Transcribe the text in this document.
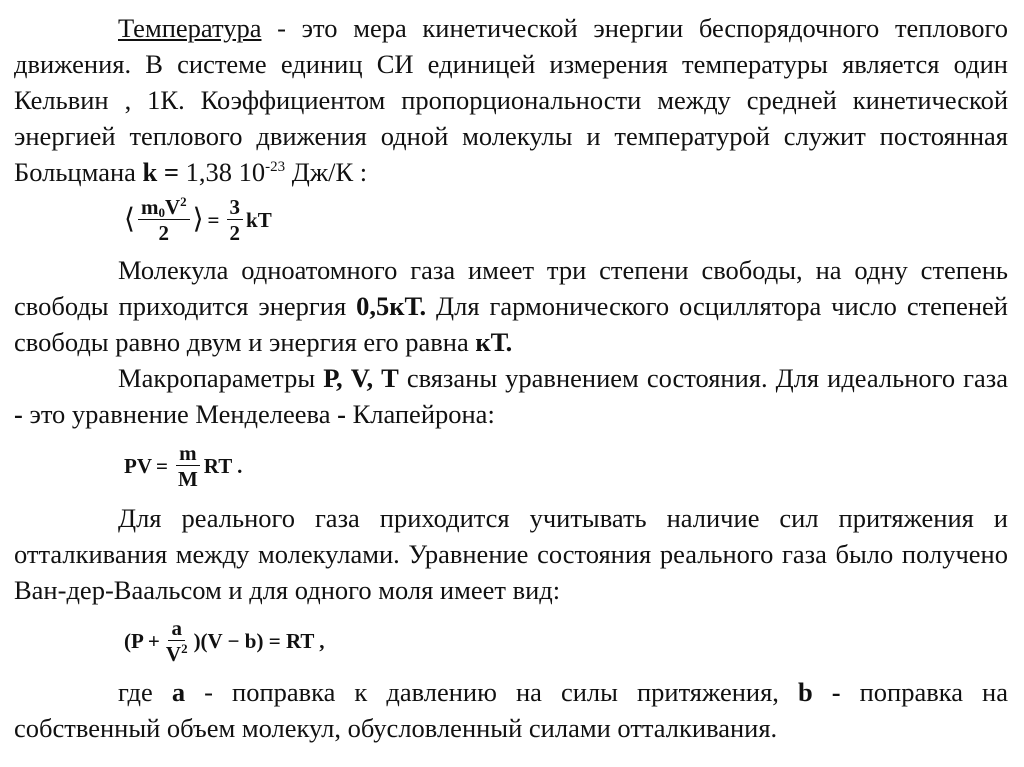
Температура - это мера кинетической энергии беспорядочного теплового движения. В системе единиц СИ единицей измерения температуры является один Кельвин , 1К. Коэффициентом пропорциональности между средней кинетической энергией теплового движения одной молекулы и температурой служит постоянная Больцмана k = 1,38 $10^{-23}$ Дж/К :

⟨ $\frac{m_0V^2}{2}$ ⟩ = $\frac{3}{2}$ kT

Молекула одноатомного газа имеет три степени свободы, на одну степень свободы приходится энергия 0,5кТ. Для гармонического осциллятора число степеней свободы равно двум и энергия его равна кТ.

Макропараметры Р, V, Т связаны уравнением состояния. Для идеального газа - это уравнение Менделеева - Клапейрона:

PV = $\frac{m}{M}$ RT .

Для реального газа приходится учитывать наличие сил притяжения и отталкивания между молекулами. Уравнение состояния реального газа было получено Ван-дер-Ваальсом и для одного моля имеет вид:

$(P + \frac{a}{V^2} )(V - b)$ = RT ,

где а - поправка к давлению на силы притяжения, b - поправка на собственный объем молекул, обусловленный силами отталкивания.
